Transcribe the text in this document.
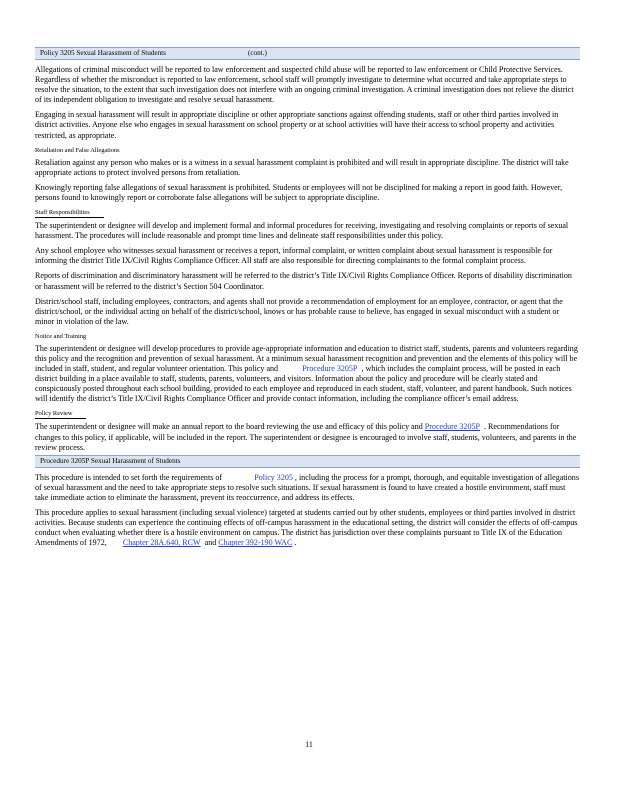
Policy 3205 Sexual Harassment of Students	(cont.)

Allegations of criminal misconduct will be reported to law enforcement and suspected child abuse will be reported to law enforcement or Child Protective Services. Regardless of whether the misconduct is reported to law enforcement, school staff will promptly investigate to determine what occurred and take appropriate steps to resolve the situation, to the extent that such investigation does not interfere with an ongoing criminal investigation. A criminal investigation does not relieve the district of its independent obligation to investigate and resolve sexual harassment.

Engaging in sexual harassment will result in appropriate discipline or other appropriate sanctions against offending students, staff or other third parties involved in district activities. Anyone else who engages in sexual harassment on school property or at school activities will have their access to school property and activities restricted, as appropriate.

Retaliation and False Allegations

Retaliation against any person who makes or is a witness in a sexual harassment complaint is prohibited and will result in appropriate discipline. The district will take appropriate actions to protect involved persons from retaliation.

Knowingly reporting false allegations of sexual harassment is prohibited. Students or employees will not be disciplined for making a report in good faith. However, persons found to knowingly report or corroborate false allegations will be subject to appropriate discipline.

Staff Responsibilities

The superintendent or designee will develop and implement formal and informal procedures for receiving, investigating and resolving complaints or reports of sexual harassment. The procedures will include reasonable and prompt time lines and delineate staff responsibilities under this policy.

Any school employee who witnesses sexual harassment or receives a report, informal complaint, or written complaint about sexual harassment is responsible for informing the district Title IX/Civil Rights Compliance Officer. All staff are also responsible for directing complainants to the formal complaint process.

Reports of discrimination and discriminatory harassment will be referred to the district’s Title IX/Civil Rights Compliance Officer. Reports of disability discrimination or harassment will be referred to the district’s Section 504 Coordinator.

District/school staff, including employees, contractors, and agents shall not provide a recommendation of employment for an employee, contractor, or agent that the district/school, or the individual acting on behalf of the district/school, knows or has probable cause to believe, has engaged in sexual misconduct with a student or minor in violation of the law.

Notice and Training

The superintendent or designee will develop procedures to provide age-appropriate information and education to district staff, students, parents and volunteers regarding this policy and the recognition and prevention of sexual harassment. At a minimum sexual harassment recognition and prevention and the elements of this policy will be included in staff, student, and regular volunteer orientation. This policy and	Procedure 3205P , which includes the complaint process, will be posted in each district building in a place available to staff, students, parents, volunteers, and visitors. Information about the policy and procedure will be clearly stated and conspicuously posted throughout each school building, provided to each employee and reproduced in each student, staff, volunteer, and parent handbook. Such notices will identify the district’s Title IX/Civil Rights Compliance Officer and provide contact information, including the compliance officer’s email address.

Policy Review

The superintendent or designee will make an annual report to the board reviewing the use and efficacy of this policy and Procedure 3205P . Recommendations for changes to this policy, if applicable, will be included in the report. The superintendent or designee is encouraged to involve staff, students, volunteers, and parents in the review process.

Procedure 3205P Sexual Harassment of Students

This procedure is intended to set forth the requirements of	Policy 3205 , including the process for a prompt, thorough, and equitable investigation of allegations of sexual harassment and the need to take appropriate steps to resolve such situations. If sexual harassment is found to have created a hostile environment, staff must take immediate action to eliminate the harassment, prevent its reoccurrence, and address its effects.

This procedure applies to sexual harassment (including sexual violence) targeted at students carried out by other students, employees or third parties involved in district activities. Because students can experience the continuing effects of off-campus harassment in the educational setting, the district will consider the effects of off-campus conduct when evaluating whether there is a hostile environment on campus. The district has jurisdiction over these complaints pursuant to Title IX of the Education Amendments of 1972, Chapter 28A.640, RCW and Chapter 392-190 WAC .

11
